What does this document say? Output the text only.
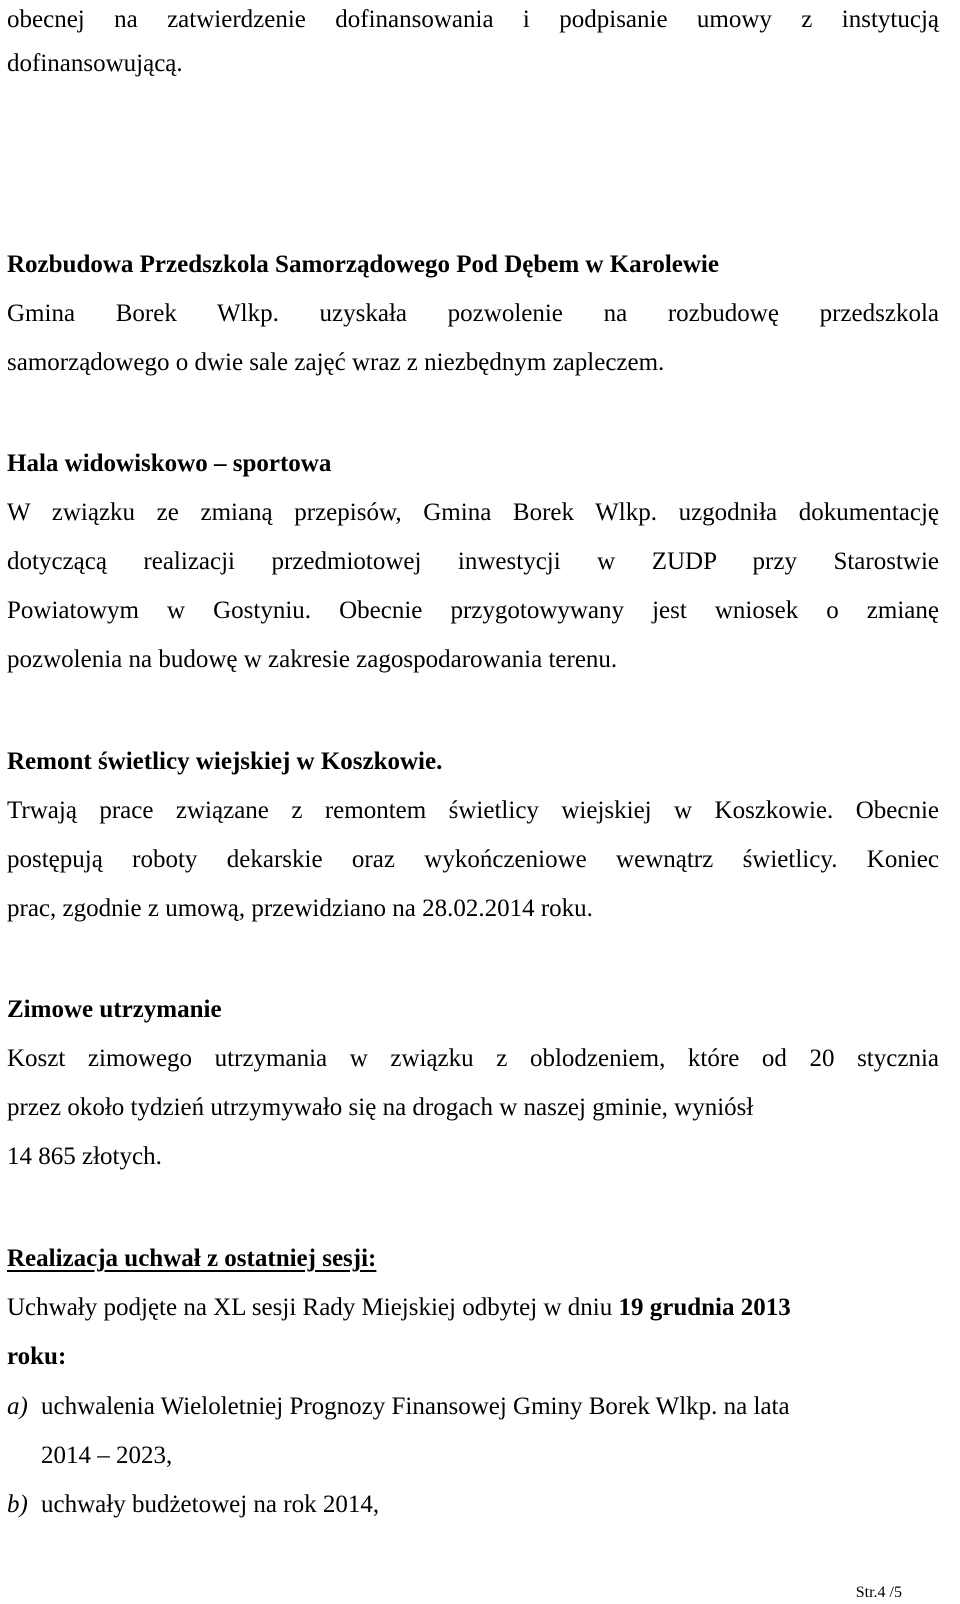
obecnej na zatwierdzenie dofinansowania i podpisanie umowy z instytucją
dofinansowującą.
Rozbudowa Przedszkola Samorządowego Pod Dębem w Karolewie
Gmina Borek Wlkp. uzyskała pozwolenie na rozbudowę przedszkola
samorządowego o dwie sale zajęć wraz z niezbędnym zapleczem.
Hala widowiskowo – sportowa
W związku ze zmianą przepisów, Gmina Borek Wlkp. uzgodniła dokumentację
dotyczącą realizacji przedmiotowej inwestycji w ZUDP przy Starostwie
Powiatowym w Gostyniu. Obecnie przygotowywany jest wniosek o zmianę
pozwolenia na budowę w zakresie zagospodarowania terenu.
Remont świetlicy wiejskiej w Koszkowie.
Trwają prace związane z remontem świetlicy wiejskiej w Koszkowie. Obecnie
postępują roboty dekarskie oraz wykończeniowe wewnątrz świetlicy. Koniec
prac, zgodnie z umową, przewidziano na 28.02.2014 roku.
Zimowe utrzymanie
Koszt zimowego utrzymania w związku z oblodzeniem, które od 20 stycznia
przez około tydzień utrzymywało się na drogach w naszej gminie, wyniósł
14 865 złotych.
Realizacja uchwał z ostatniej sesji:
Uchwały podjęte na XL sesji Rady Miejskiej odbytej w dniu 19 grudnia 2013
roku:
a) uchwalenia Wieloletniej Prognozy Finansowej Gminy Borek Wlkp. na lata
2014 – 2023,
b) uchwały budżetowej na rok 2014,
Str.4 /5
